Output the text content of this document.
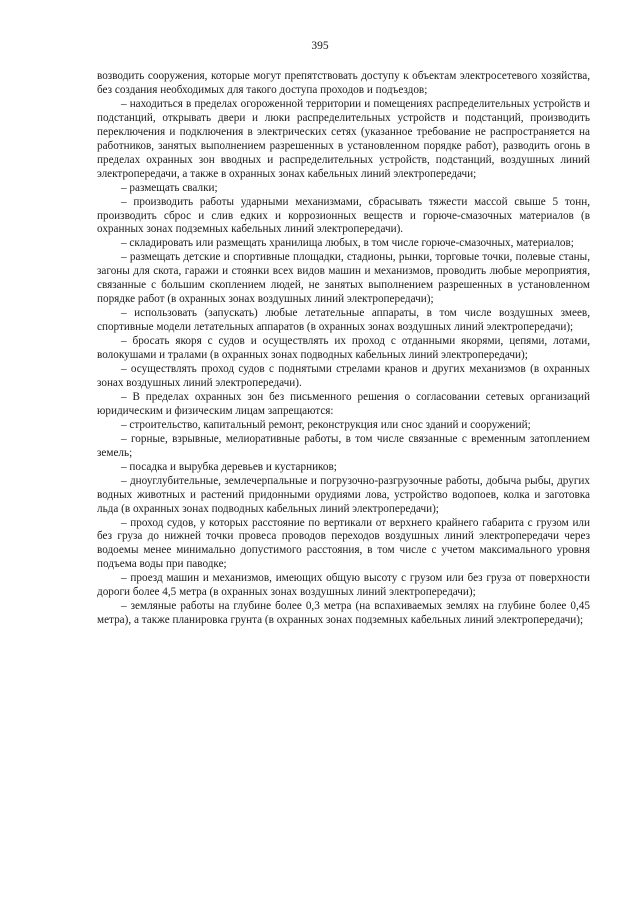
395

возводить сооружения, которые могут препятствовать доступу к объектам электросетевого хозяйства, без создания необходимых для такого доступа проходов и подъездов;

– находиться в пределах огороженной территории и помещениях распределительных устройств и подстанций, открывать двери и люки распределительных устройств и подстанций, производить переключения и подключения в электрических сетях (указанное требование не распространяется на работников, занятых выполнением разрешенных в установленном порядке работ), разводить огонь в пределах охранных зон вводных и распределительных устройств, подстанций, воздушных линий электропередачи, а также в охранных зонах кабельных линий электропередачи;

– размещать свалки;

– производить работы ударными механизмами, сбрасывать тяжести массой свыше 5 тонн, производить сброс и слив едких и коррозионных веществ и горюче-смазочных материалов (в охранных зонах подземных кабельных линий электропередачи).

– складировать или размещать хранилища любых, в том числе горюче-смазочных, материалов;

– размещать детские и спортивные площадки, стадионы, рынки, торговые точки, полевые станы, загоны для скота, гаражи и стоянки всех видов машин и механизмов, проводить любые мероприятия, связанные с большим скоплением людей, не занятых выполнением разрешенных в установленном порядке работ (в охранных зонах воздушных линий электропередачи);

– использовать (запускать) любые летательные аппараты, в том числе воздушных змеев, спортивные модели летательных аппаратов (в охранных зонах воздушных линий электропередачи);

– бросать якоря с судов и осуществлять их проход с отданными якорями, цепями, лотами, волокушами и тралами (в охранных зонах подводных кабельных линий электропередачи);

– осуществлять проход судов с поднятыми стрелами кранов и других механизмов (в охранных зонах воздушных линий электропередачи).

– В пределах охранных зон без письменного решения о согласовании сетевых организаций юридическим и физическим лицам запрещаются:

– строительство, капитальный ремонт, реконструкция или снос зданий и сооружений;

– горные, взрывные, мелиоративные работы, в том числе связанные с временным затоплением земель;

– посадка и вырубка деревьев и кустарников;

– дноуглубительные, землечерпальные и погрузочно-разгрузочные работы, добыча рыбы, других водных животных и растений придонными орудиями лова, устройство водопоев, колка и заготовка льда (в охранных зонах подводных кабельных линий электропередачи);

– проход судов, у которых расстояние по вертикали от верхнего крайнего габарита с грузом или без груза до нижней точки провеса проводов переходов воздушных линий электропередачи через водоемы менее минимально допустимого расстояния, в том числе с учетом максимального уровня подъема воды при паводке;

– проезд машин и механизмов, имеющих общую высоту с грузом или без груза от поверхности дороги более 4,5 метра (в охранных зонах воздушных линий электропередачи);

– земляные работы на глубине более 0,3 метра (на вспахиваемых землях на глубине более 0,45 метра), а также планировка грунта (в охранных зонах подземных кабельных линий электропередачи);
